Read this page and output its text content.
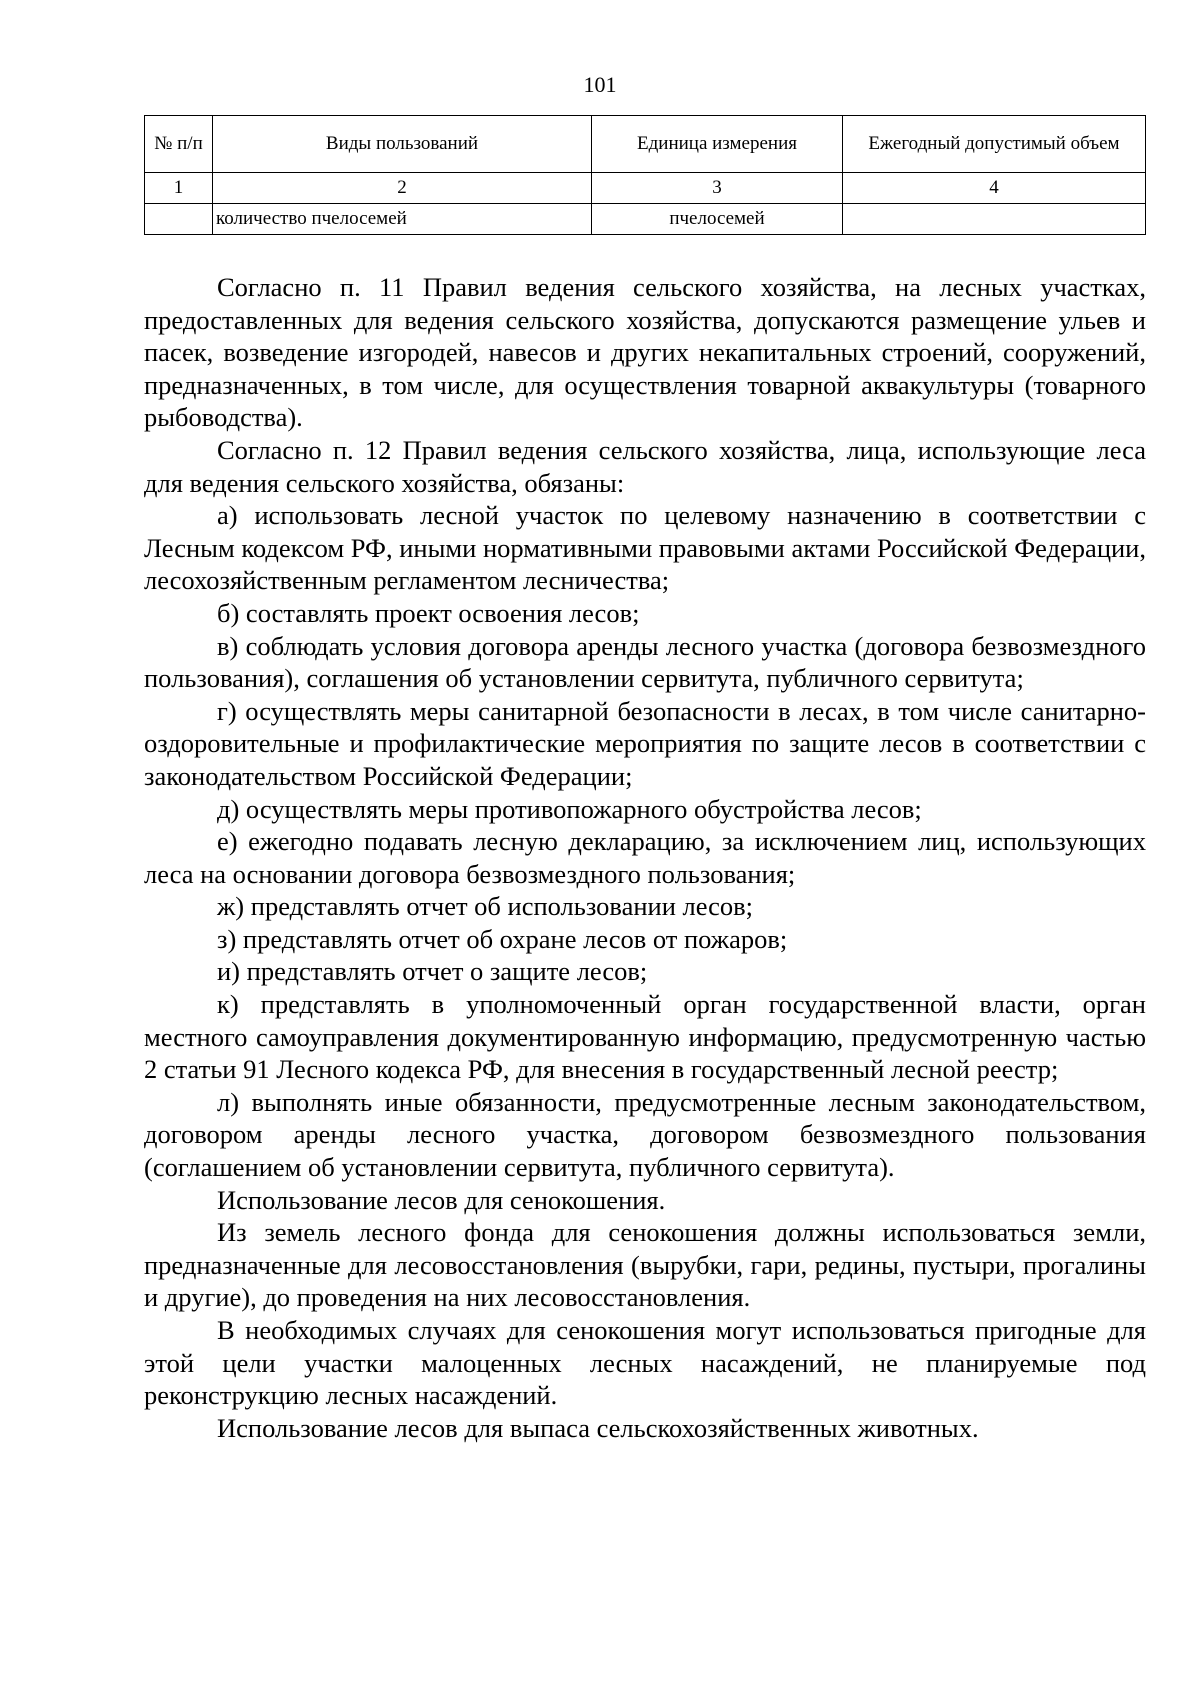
101
№ п/п	Виды пользований	Единица измерения	Ежегодный допустимый объем
1	2	3	4
	количество пчелосемей	пчелосемей	

Согласно п. 11 Правил ведения сельского хозяйства, на лесных участках, предоставленных для ведения сельского хозяйства, допускаются размещение ульев и пасек, возведение изгородей, навесов и других некапитальных строений, сооружений, предназначенных, в том числе, для осуществления товарной аквакультуры (товарного рыбоводства).

Согласно п. 12 Правил ведения сельского хозяйства, лица, использующие леса для ведения сельского хозяйства, обязаны:

а) использовать лесной участок по целевому назначению в соответствии с Лесным кодексом РФ, иными нормативными правовыми актами Российской Федерации, лесохозяйственным регламентом лесничества;

б) составлять проект освоения лесов;

в) соблюдать условия договора аренды лесного участка (договора безвозмездного пользования), соглашения об установлении сервитута, публичного сервитута;

г) осуществлять меры санитарной безопасности в лесах, в том числе санитарно-оздоровительные и профилактические мероприятия по защите лесов в соответствии с законодательством Российской Федерации;

д) осуществлять меры противопожарного обустройства лесов;

е) ежегодно подавать лесную декларацию, за исключением лиц, использующих леса на основании договора безвозмездного пользования;

ж) представлять отчет об использовании лесов;

з) представлять отчет об охране лесов от пожаров;

и) представлять отчет о защите лесов;

к) представлять в уполномоченный орган государственной власти, орган местного самоуправления документированную информацию, предусмотренную частью 2 статьи 91 Лесного кодекса РФ, для внесения в государственный лесной реестр;

л) выполнять иные обязанности, предусмотренные лесным законодательством, договором аренды лесного участка, договором безвозмездного пользования (соглашением об установлении сервитута, публичного сервитута).

Использование лесов для сенокошения.

Из земель лесного фонда для сенокошения должны использоваться земли, предназначенные для лесовосстановления (вырубки, гари, редины, пустыри, прогалины и другие), до проведения на них лесовосстановления.

В необходимых случаях для сенокошения могут использоваться пригодные для этой цели участки малоценных лесных насаждений, не планируемые под реконструкцию лесных насаждений.

Использование лесов для выпаса сельскохозяйственных животных.
